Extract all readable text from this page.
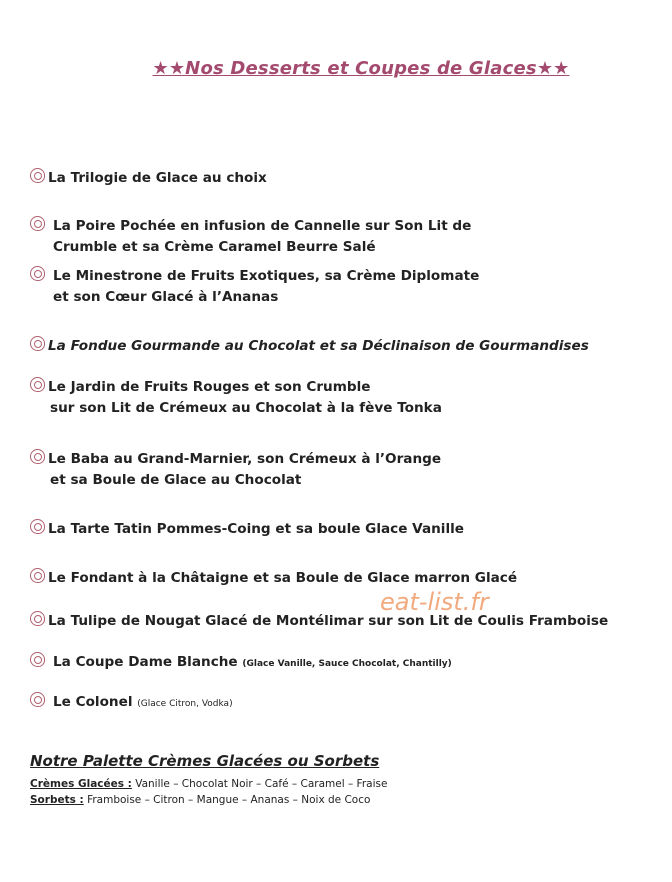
★★Nos Desserts et Coupes de Glaces★★
La Trilogie de Glace au choix
La Poire Pochée en infusion de Cannelle sur Son Lit de
Crumble et sa Crème Caramel Beurre Salé
Le Minestrone de Fruits Exotiques, sa Crème Diplomate
et son Cœur Glacé à l’Ananas
La Fondue Gourmande au Chocolat et sa Déclinaison de Gourmandises
Le Jardin de Fruits Rouges et son Crumble
sur son Lit de Crémeux au Chocolat à la fève Tonka
Le Baba au Grand-Marnier, son Crémeux à l’Orange
et sa Boule de Glace au Chocolat
La Tarte Tatin Pommes-Coing et sa boule Glace Vanille
Le Fondant à la Châtaigne et sa Boule de Glace marron Glacé
La Tulipe de Nougat Glacé de Montélimar sur son Lit de Coulis Framboise
La Coupe Dame Blanche (Glace Vanille, Sauce Chocolat, Chantilly)
Le Colonel (Glace Citron, Vodka)
eat-list.fr
Notre Palette Crèmes Glacées ou Sorbets
Crèmes Glacées : Vanille – Chocolat Noir – Café – Caramel – Fraise
Sorbets : Framboise – Citron – Mangue – Ananas – Noix de Coco
